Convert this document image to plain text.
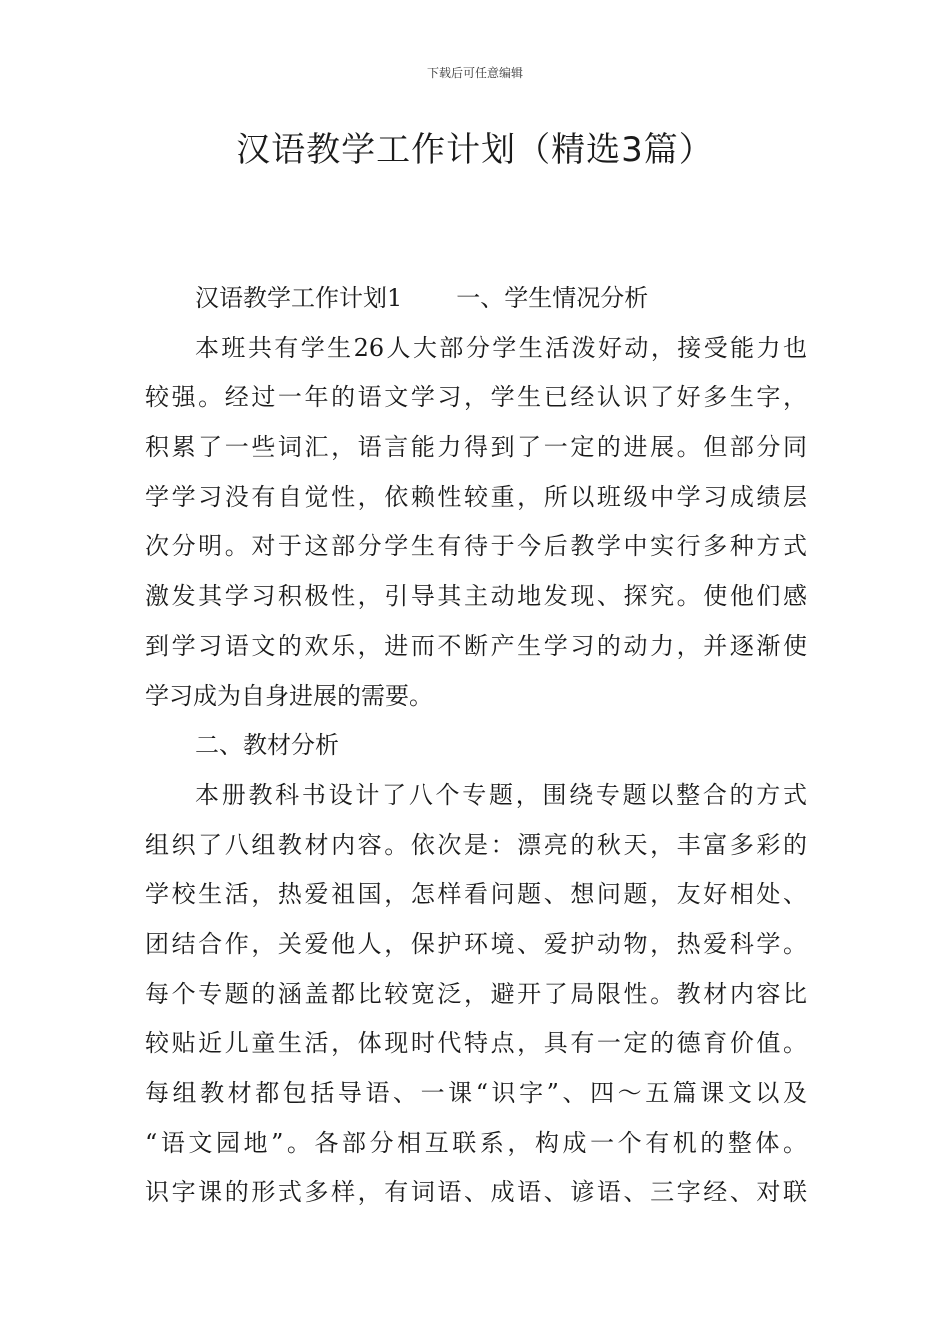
下载后可任意编辑
汉语教学工作计划（精选3篇）
汉语教学工作计划1 一、学生情况分析
本班共有学生26人大部分学生活泼好动，接受能力也
较强。经过一年的语文学习，学生已经认识了好多生字，
积累了一些词汇，语言能力得到了一定的进展。但部分同
学学习没有自觉性，依赖性较重，所以班级中学习成绩层
次分明。对于这部分学生有待于今后教学中实行多种方式
激发其学习积极性，引导其主动地发现、探究。使他们感
到学习语文的欢乐，进而不断产生学习的动力，并逐渐使
学习成为自身进展的需要。
二、教材分析
本册教科书设计了八个专题，围绕专题以整合的方式
组织了八组教材内容。依次是：漂亮的秋天，丰富多彩的
学校生活，热爱祖国，怎样看问题、想问题，友好相处、
团结合作，关爱他人，保护环境、爱护动物，热爱科学。
每个专题的涵盖都比较宽泛，避开了局限性。教材内容比
较贴近儿童生活，体现时代特点，具有一定的德育价值。
每组教材都包括导语、一课“识字”、四～五篇课文以及
“语文园地”。各部分相互联系，构成一个有机的整体。
识字课的形式多样，有词语、成语、谚语、三字经、对联
